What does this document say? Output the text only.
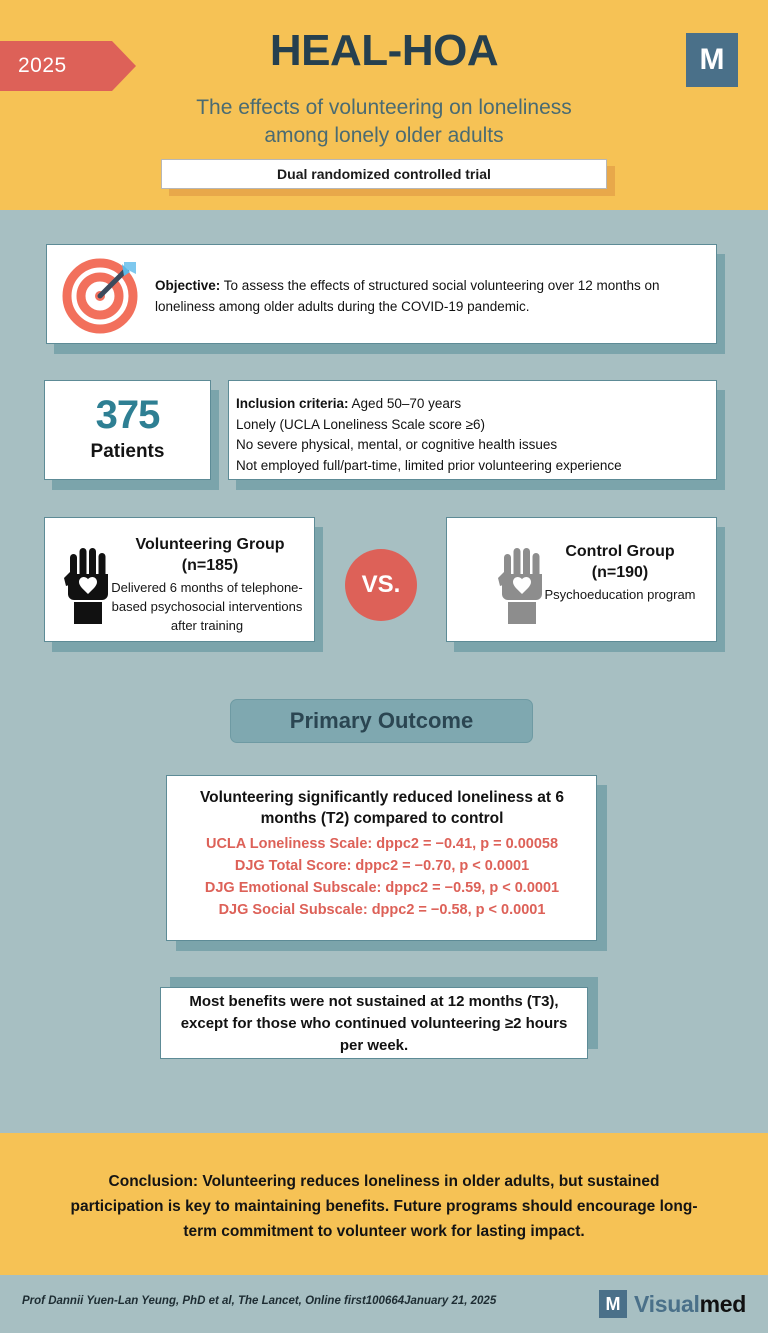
2025	M
HEAL-HOA
The effects of volunteering on loneliness
among lonely older adults
Dual randomized controlled trial
Objective: To assess the effects of structured social volunteering over 12 months on loneliness among older adults during the COVID-19 pandemic.
375
Patients
Inclusion criteria: Aged 50–70 years
Lonely (UCLA Loneliness Scale score ≥6)
No severe physical, mental, or cognitive health issues
Not employed full/part-time, limited prior volunteering experience
Volunteering Group
(n=185)
Delivered 6 months of telephone-based psychosocial interventions after training
VS.
Control Group
(n=190)
Psychoeducation program
Primary Outcome
Volunteering significantly reduced loneliness at 6 months (T2) compared to control
UCLA Loneliness Scale: dppc2 = −0.41, p = 0.00058
DJG Total Score: dppc2 = −0.70, p < 0.0001
DJG Emotional Subscale: dppc2 = −0.59, p < 0.0001
DJG Social Subscale: dppc2 = −0.58, p < 0.0001
Most benefits were not sustained at 12 months (T3), except for those who continued volunteering ≥2 hours per week.
Conclusion: Volunteering reduces loneliness in older adults, but sustained participation is key to maintaining benefits. Future programs should encourage long-term commitment to volunteer work for lasting impact.
Prof Dannii Yuen-Lan Yeung, PhD et al, The Lancet, Online first100664January 21, 2025	M Visualmed
